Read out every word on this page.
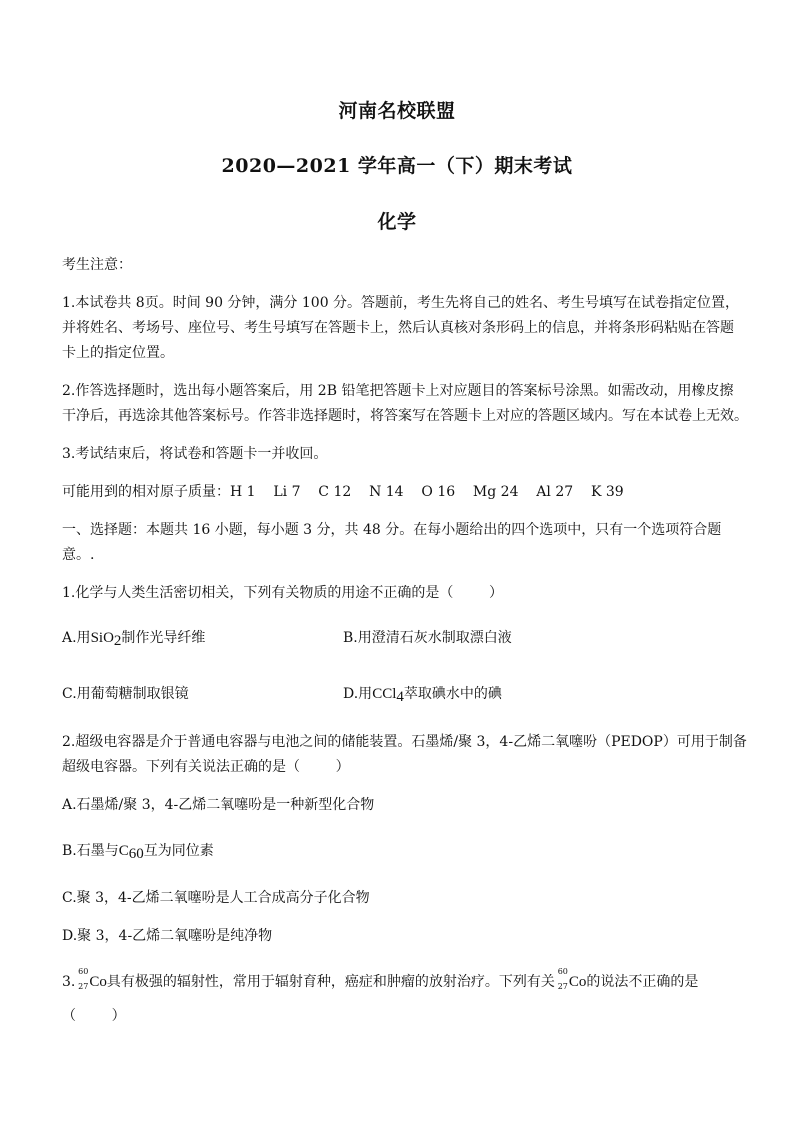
河南名校联盟
2020—2021 学年高一（下）期末考试
化学
考生注意：
1.本试卷共 8页。时间 90 分钟，满分 100 分。答题前，考生先将自己的姓名、考生号填写在试卷指定位置，
并将姓名、考场号、座位号、考生号填写在答题卡上，然后认真核对条形码上的信息，并将条形码粘贴在答题
卡上的指定位置。
2.作答选择题时，选出每小题答案后，用 2B 铅笔把答题卡上对应题目的答案标号涂黑。如需改动，用橡皮擦
干净后，再选涂其他答案标号。作答非选择题时，将答案写在答题卡上对应的答题区域内。写在本试卷上无效。
3.考试结束后，将试卷和答题卡一并收回。
可能用到的相对原子质量：H 1    Li 7    C 12    N 14    O 16    Mg 24    Al 27    K 39
一、选择题：本题共 16 小题，每小题 3 分，共 48 分。在每小题给出的四个选项中，只有一个选项符合题
意。.
1.化学与人类生活密切相关，下列有关物质的用途不正确的是（        ）
A.用SiO$_2$制作光导纤维	B.用澄清石灰水制取漂白液
C.用葡萄糖制取银镜	D.用CCl$_4$萃取碘水中的碘
2.超级电容器是介于普通电容器与电池之间的储能装置。石墨烯/聚 3，4-乙烯二氧噻吩（PEDOP）可用于制备
超级电容器。下列有关说法正确的是（        ）
A.石墨烯/聚 3，4-乙烯二氧噻吩是一种新型化合物
B.石墨与$C_{60}$互为同位素
C.聚 3，4-乙烯二氧噻吩是人工合成高分子化合物
D.聚 3，4-乙烯二氧噻吩是纯净物
3.
60
27 Co具有极强的辐射性，常用于辐射育种，癌症和肿瘤的放射治疗。下列有关
60
27 Co的说法不正确的是
（        ）
